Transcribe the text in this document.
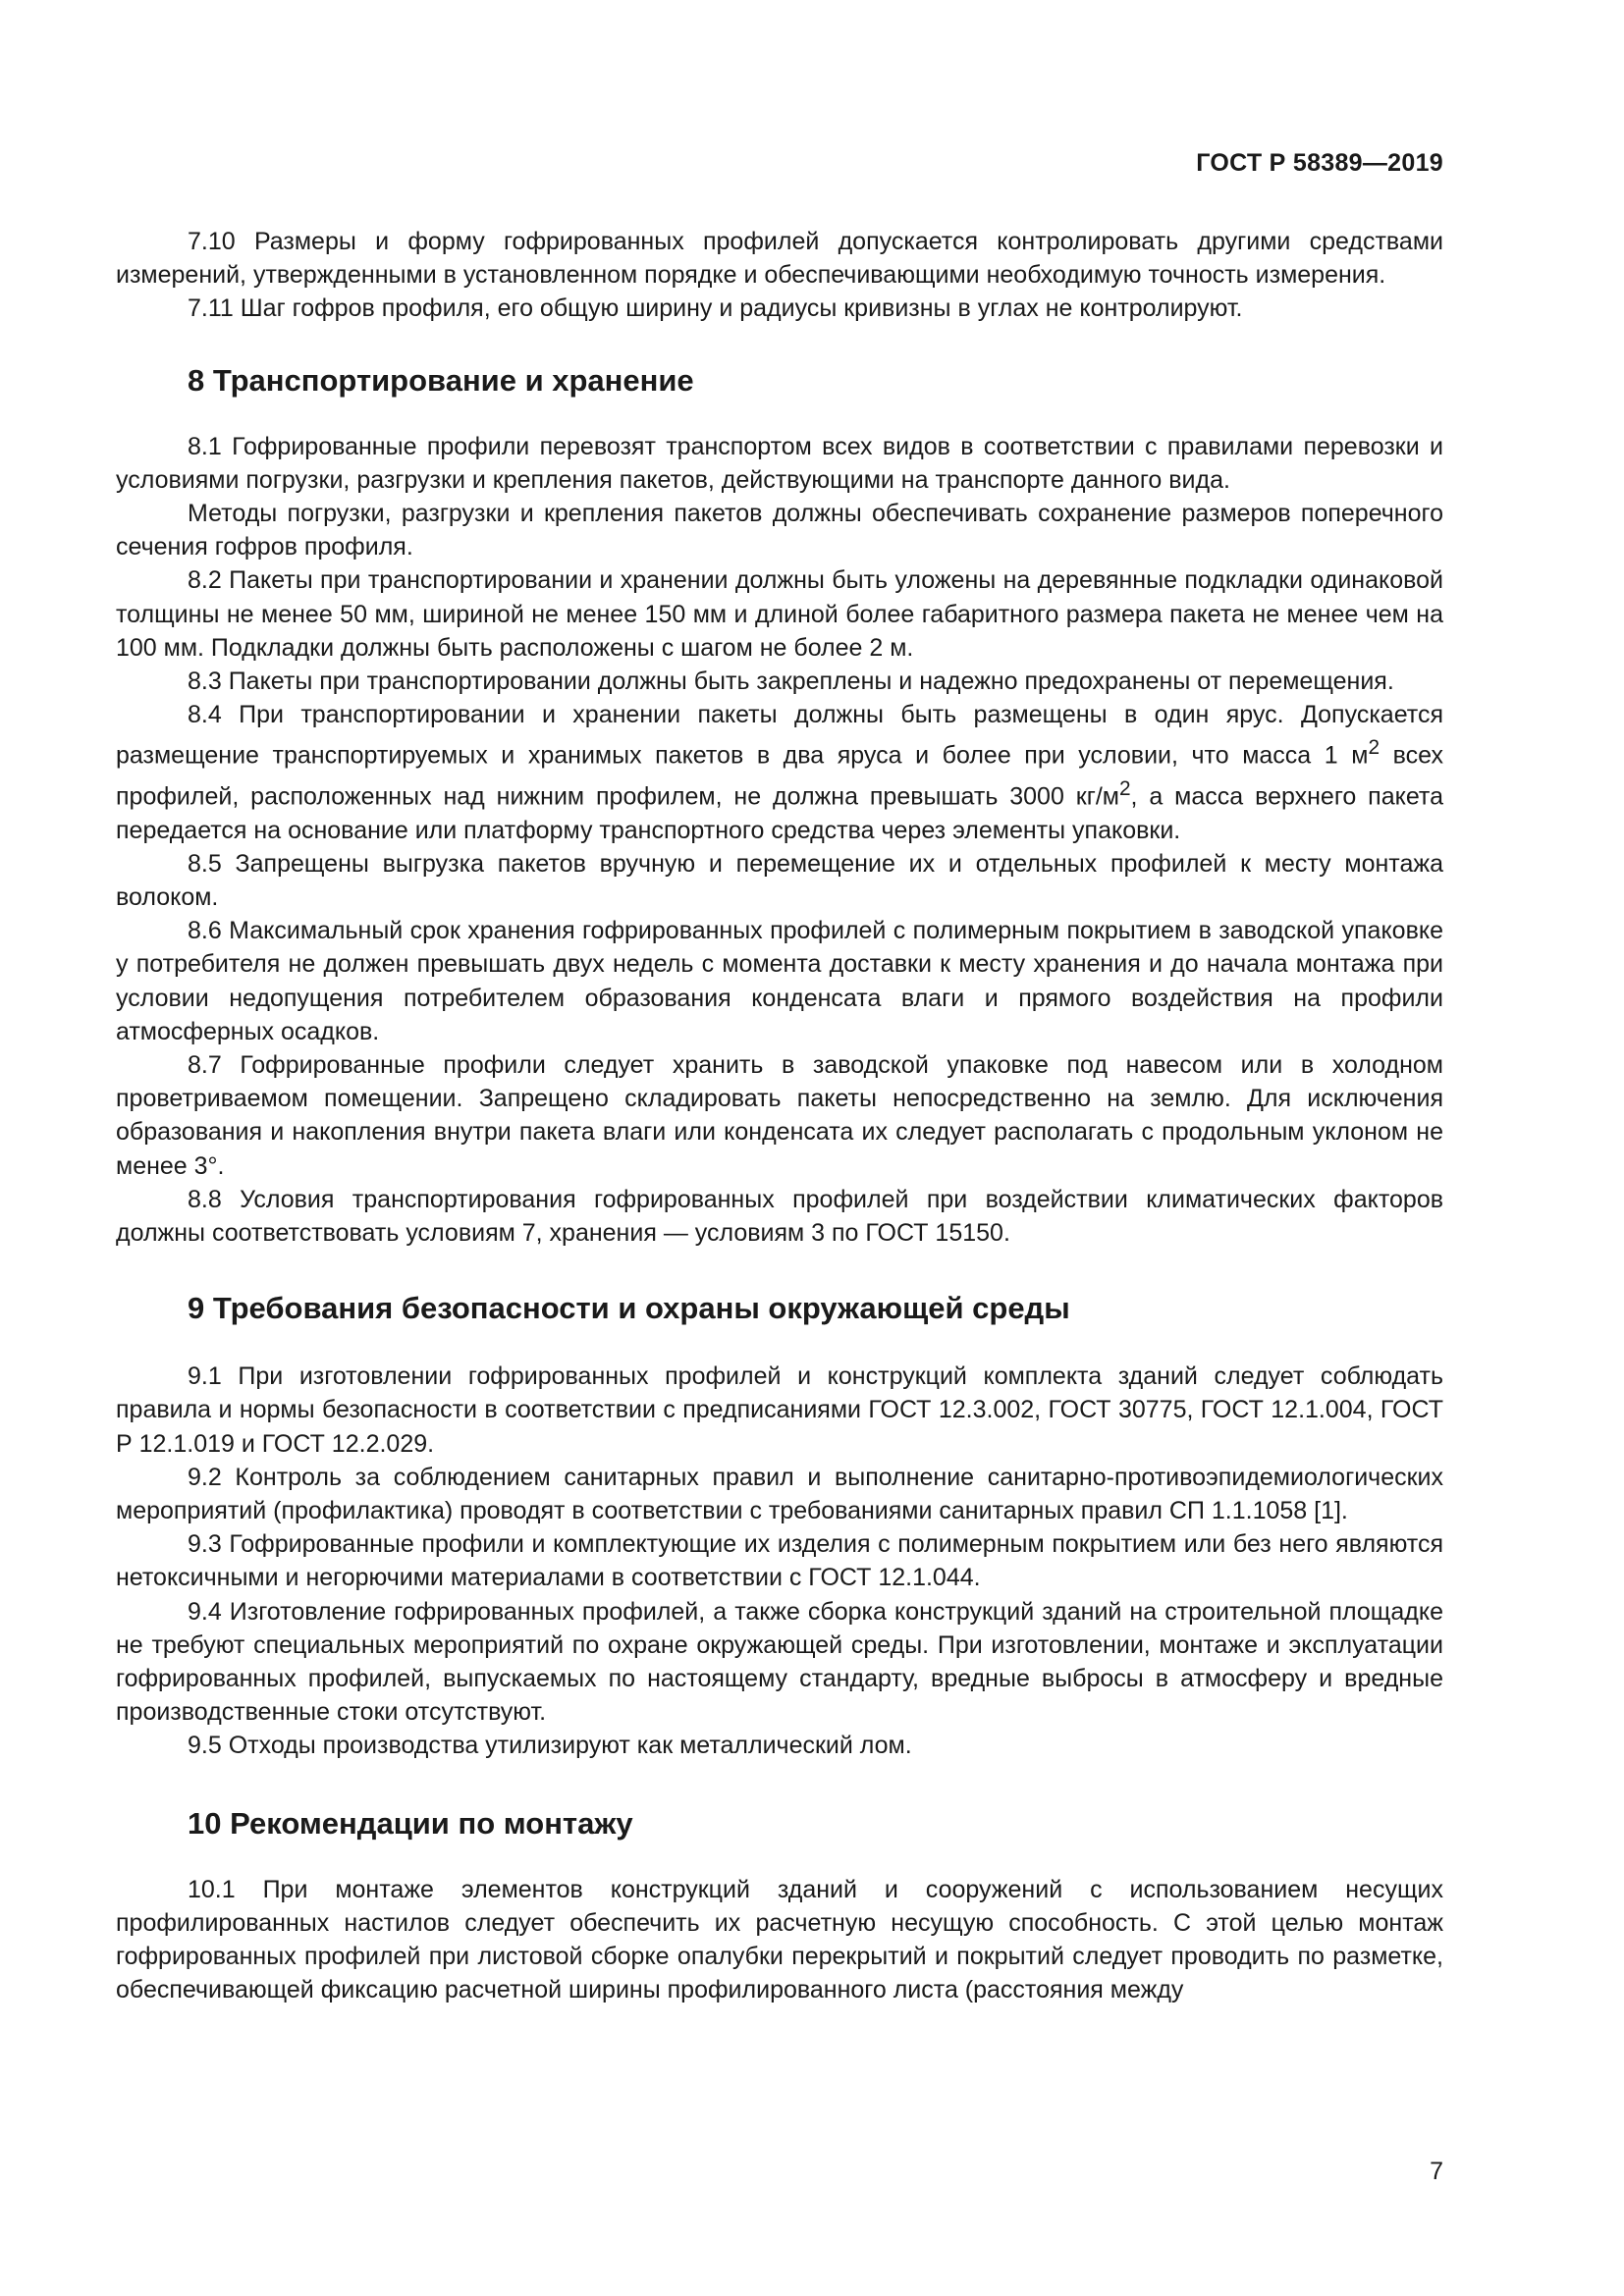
ГОСТ Р 58389—2019

7.10 Размеры и форму гофрированных профилей допускается контролировать другими средствами измерений, утвержденными в установленном порядке и обеспечивающими необходимую точность измерения.

7.11 Шаг гофров профиля, его общую ширину и радиусы кривизны в углах не контролируют.

8 Транспортирование и хранение

8.1 Гофрированные профили перевозят транспортом всех видов в соответствии с правилами перевозки и условиями погрузки, разгрузки и крепления пакетов, действующими на транспорте данного вида.

Методы погрузки, разгрузки и крепления пакетов должны обеспечивать сохранение размеров поперечного сечения гофров профиля.

8.2 Пакеты при транспортировании и хранении должны быть уложены на деревянные подкладки одинаковой толщины не менее 50 мм, шириной не менее 150 мм и длиной более габаритного размера пакета не менее чем на 100 мм. Подкладки должны быть расположены с шагом не более 2 м.

8.3 Пакеты при транспортировании должны быть закреплены и надежно предохранены от перемещения.

8.4 При транспортировании и хранении пакеты должны быть размещены в один ярус. Допускается размещение транспортируемых и хранимых пакетов в два яруса и более при условии, что масса 1 $м^2$ всех профилей, расположенных над нижним профилем, не должна превышать 3000 $кг/м^2$, а масса верхнего пакета передается на основание или платформу транспортного средства через элементы упаковки.

8.5 Запрещены выгрузка пакетов вручную и перемещение их и отдельных профилей к месту монтажа волоком.

8.6 Максимальный срок хранения гофрированных профилей с полимерным покрытием в заводской упаковке у потребителя не должен превышать двух недель с момента доставки к месту хранения и до начала монтажа при условии недопущения потребителем образования конденсата влаги и прямого воздействия на профили атмосферных осадков.

8.7 Гофрированные профили следует хранить в заводской упаковке под навесом или в холодном проветриваемом помещении. Запрещено складировать пакеты непосредственно на землю. Для исключения образования и накопления внутри пакета влаги или конденсата их следует располагать с продольным уклоном не менее 3°.

8.8 Условия транспортирования гофрированных профилей при воздействии климатических факторов должны соответствовать условиям 7, хранения — условиям 3 по ГОСТ 15150.

9 Требования безопасности и охраны окружающей среды

9.1 При изготовлении гофрированных профилей и конструкций комплекта зданий следует соблюдать правила и нормы безопасности в соответствии с предписаниями ГОСТ 12.3.002, ГОСТ 30775, ГОСТ 12.1.004, ГОСТ Р 12.1.019 и ГОСТ 12.2.029.

9.2 Контроль за соблюдением санитарных правил и выполнение санитарно-противоэпидемиологических мероприятий (профилактика) проводят в соответствии с требованиями санитарных правил СП 1.1.1058 [1].

9.3 Гофрированные профили и комплектующие их изделия с полимерным покрытием или без него являются нетоксичными и негорючими материалами в соответствии с ГОСТ 12.1.044.

9.4 Изготовление гофрированных профилей, а также сборка конструкций зданий на строительной площадке не требуют специальных мероприятий по охране окружающей среды. При изготовлении, монтаже и эксплуатации гофрированных профилей, выпускаемых по настоящему стандарту, вредные выбросы в атмосферу и вредные производственные стоки отсутствуют.

9.5 Отходы производства утилизируют как металлический лом.

10 Рекомендации по монтажу

10.1 При монтаже элементов конструкций зданий и сооружений с использованием несущих профилированных настилов следует обеспечить их расчетную несущую способность. С этой целью монтаж гофрированных профилей при листовой сборке опалубки перекрытий и покрытий следует проводить по разметке, обеспечивающей фиксацию расчетной ширины профилированного листа (расстояния между

7
